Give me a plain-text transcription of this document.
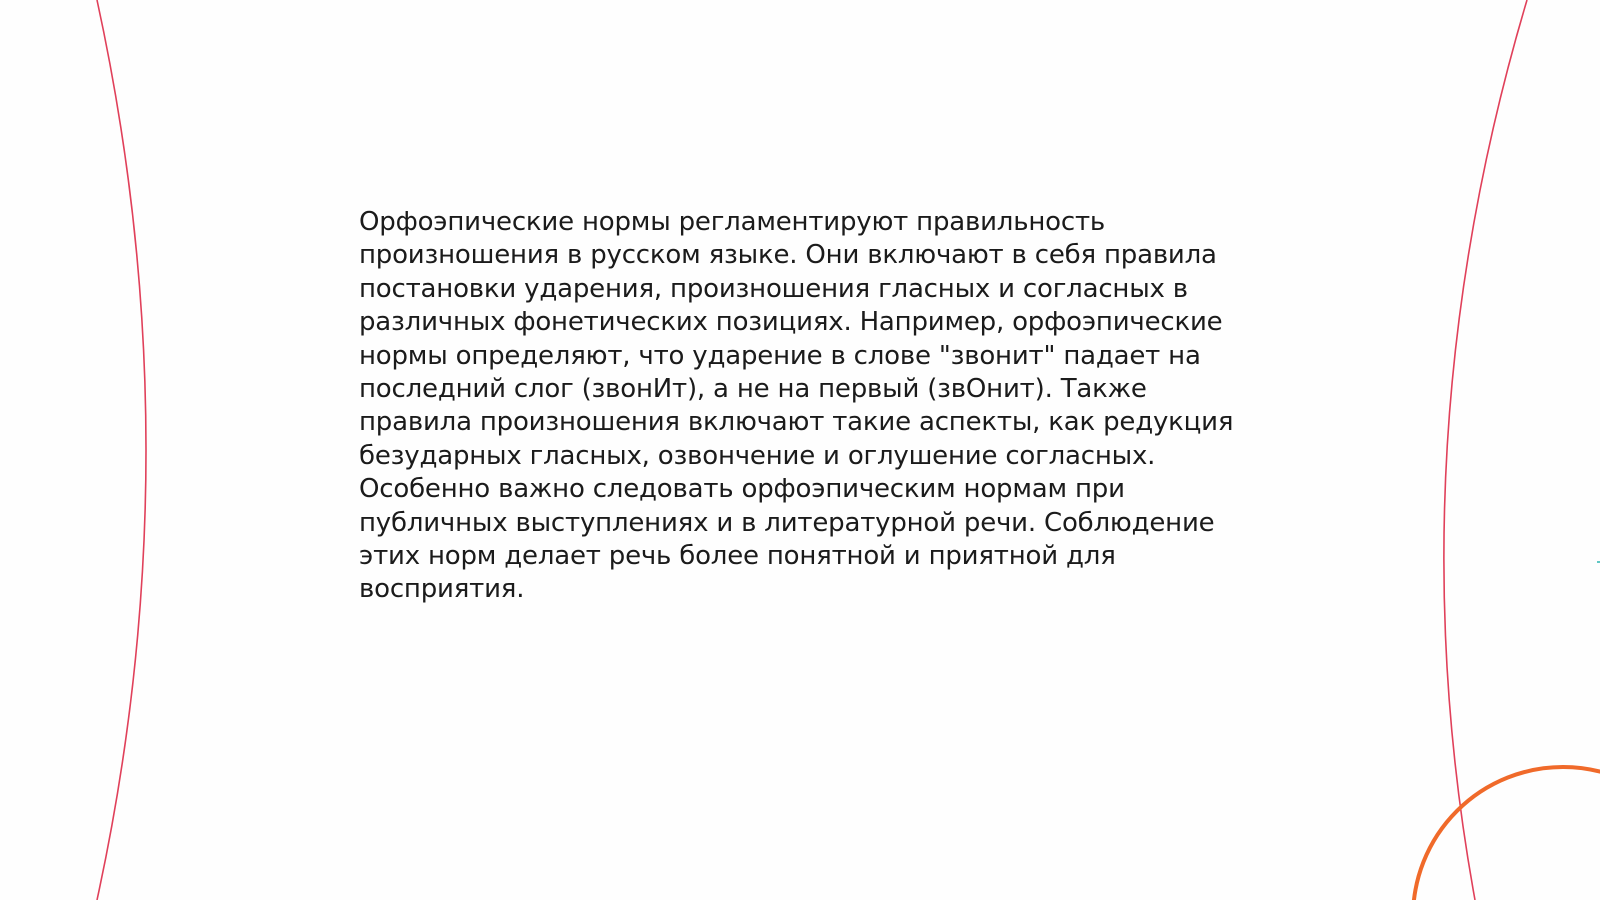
Орфоэпические нормы регламентируют правильность
произношения в русском языке. Они включают в себя правила
постановки ударения, произношения гласных и согласных в
различных фонетических позициях. Например, орфоэпические
нормы определяют, что ударение в слове "звонит" падает на
последний слог (звонИт), а не на первый (звОнит). Также
правила произношения включают такие аспекты, как редукция
безударных гласных, озвончение и оглушение согласных.
Особенно важно следовать орфоэпическим нормам при
публичных выступлениях и в литературной речи. Соблюдение
этих норм делает речь более понятной и приятной для
восприятия.
